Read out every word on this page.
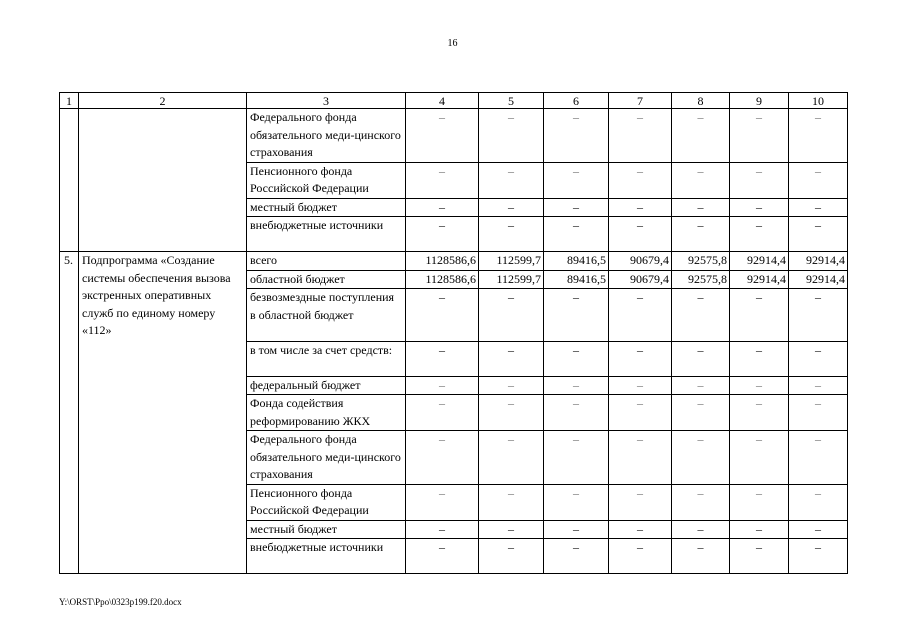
16
1	2	3	4	5	6	7	8	9	10
		Федерального фонда обязательного меди-цинского страхования	–	–	–	–	–	–	–
		Пенсионного фонда Российской Федерации	–	–	–	–	–	–	–
		местный бюджет	–	–	–	–	–	–	–
		внебюджетные источники	–	–	–	–	–	–	–
5.	Подпрограмма «Создание системы обеспечения вызова экстренных оперативных служб по единому номеру «112»	всего	1128586,6	112599,7	89416,5	90679,4	92575,8	92914,4	92914,4
		областной бюджет	1128586,6	112599,7	89416,5	90679,4	92575,8	92914,4	92914,4
		безвозмездные поступления в областной бюджет	–	–	–	–	–	–	–
		в том числе за счет средств:	–	–	–	–	–	–	–
		федеральный бюджет	–	–	–	–	–	–	–
		Фонда содействия реформированию ЖКХ	–	–	–	–	–	–	–
		Федерального фонда обязательного меди-цинского страхования	–	–	–	–	–	–	–
		Пенсионного фонда Российской Федерации	–	–	–	–	–	–	–
		местный бюджет	–	–	–	–	–	–	–
		внебюджетные источники	–	–	–	–	–	–	–
Y:\ORST\Ppo\0323p199.f20.docx
